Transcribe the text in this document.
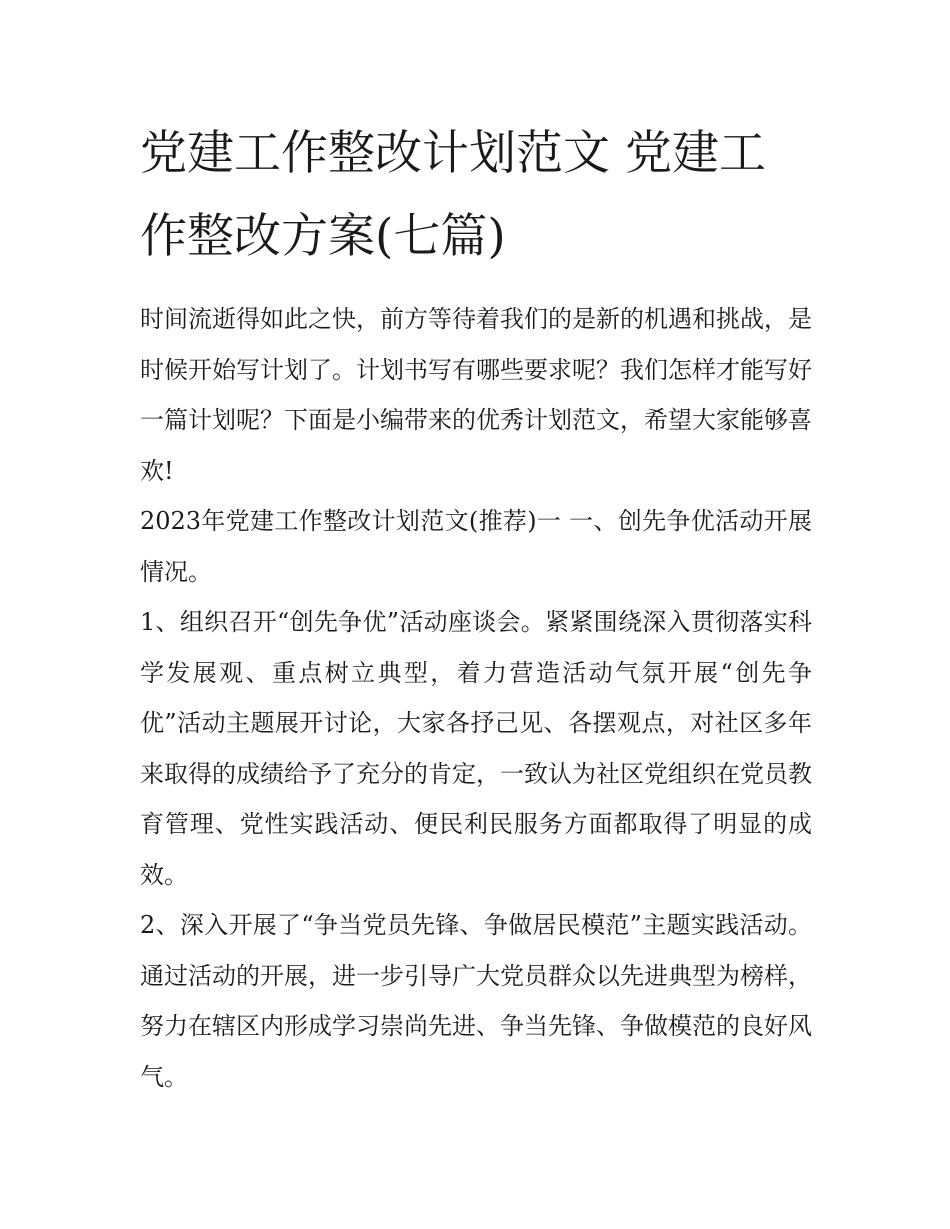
党建工作整改计划范文 党建工作整改方案(七篇)

时间流逝得如此之快，前方等待着我们的是新的机遇和挑战，是时候开始写计划了。计划书写有哪些要求呢？我们怎样才能写好一篇计划呢？下面是小编带来的优秀计划范文，希望大家能够喜欢!

2023年党建工作整改计划范文(推荐)一 一、创先争优活动开展情况。

1、组织召开“创先争优”活动座谈会。紧紧围绕深入贯彻落实科学发展观、重点树立典型，着力营造活动气氛开展“创先争优”活动主题展开讨论，大家各抒己见、各摆观点，对社区多年来取得的成绩给予了充分的肯定，一致认为社区党组织在党员教育管理、党性实践活动、便民利民服务方面都取得了明显的成效。

2、深入开展了“争当党员先锋、争做居民模范”主题实践活动。通过活动的开展，进一步引导广大党员群众以先进典型为榜样，努力在辖区内形成学习崇尚先进、争当先锋、争做模范的良好风气。
